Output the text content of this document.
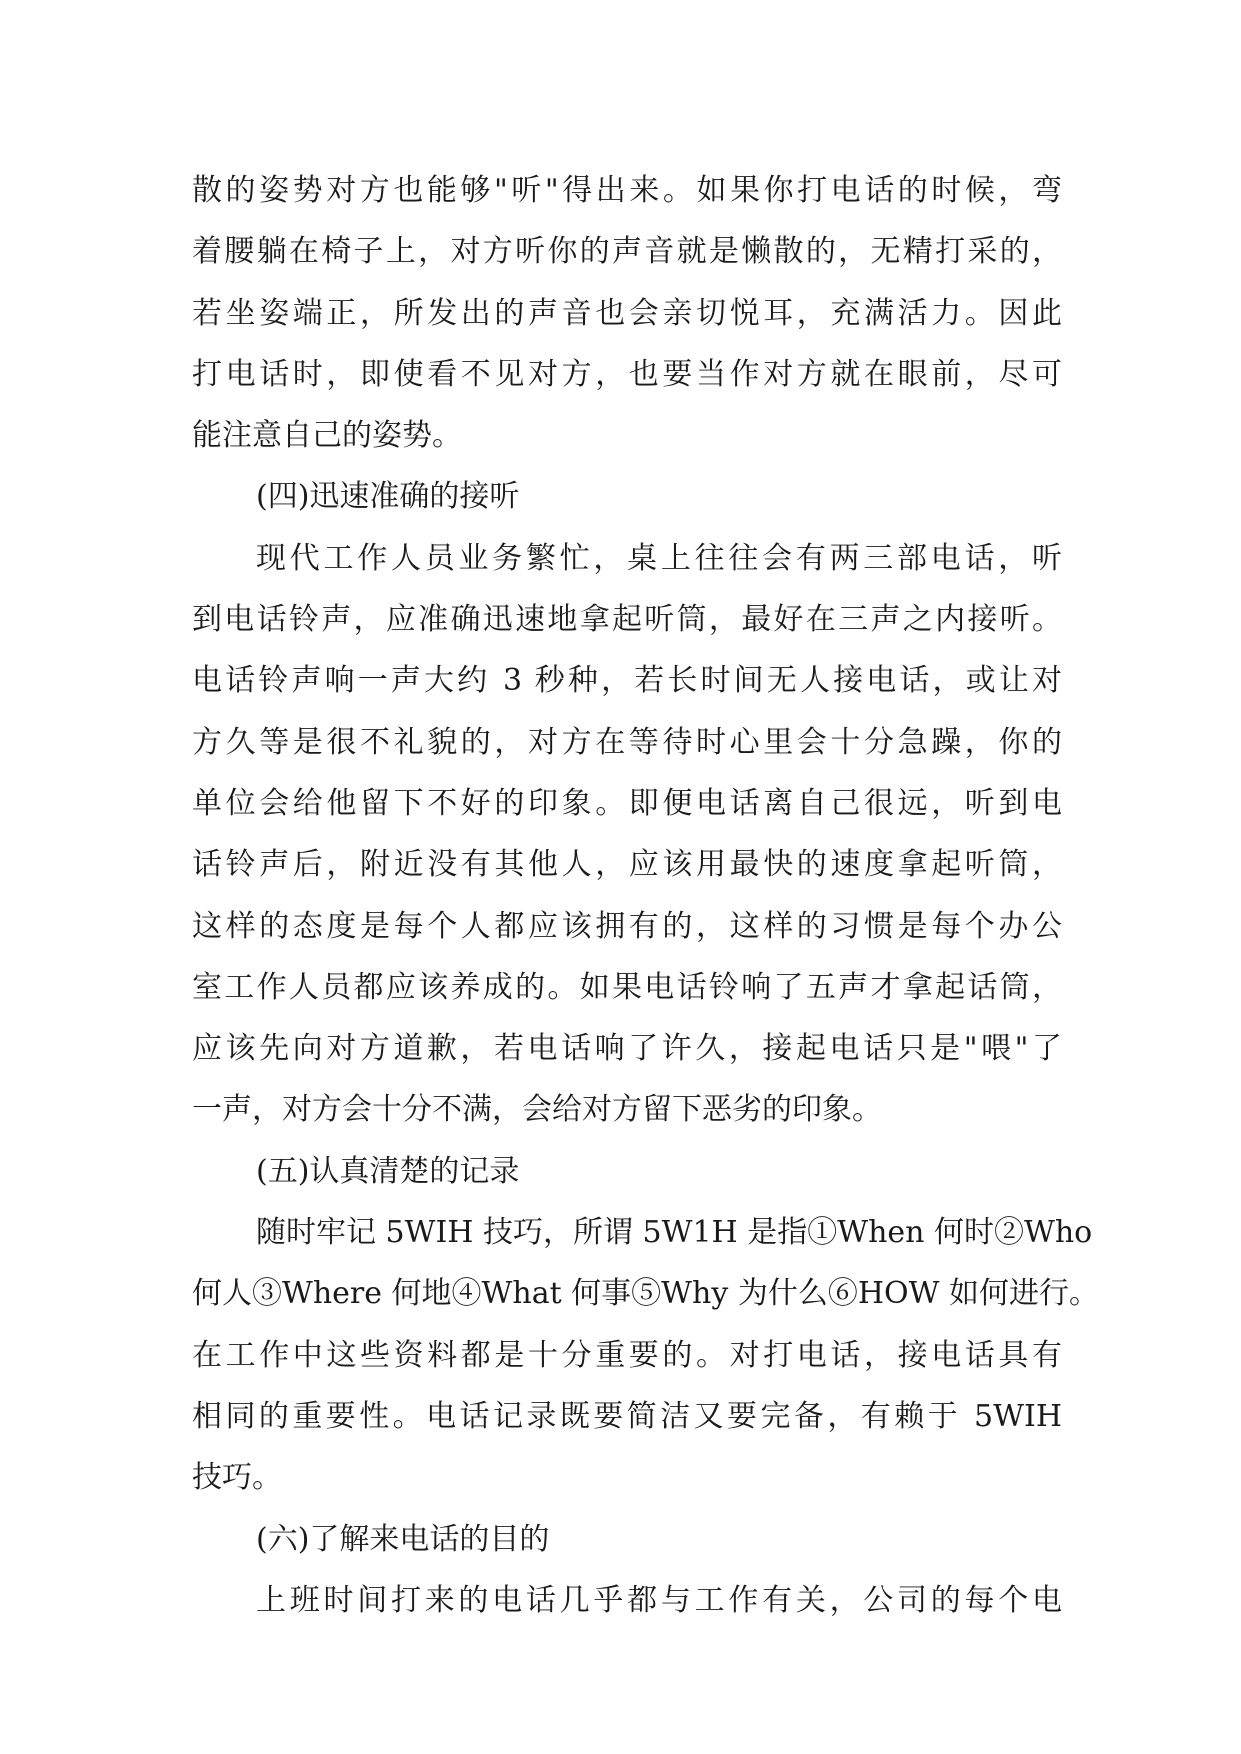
散的姿势对方也能够"听"得出来。如果你打电话的时候，弯
着腰躺在椅子上，对方听你的声音就是懒散的，无精打采的，
若坐姿端正，所发出的声音也会亲切悦耳，充满活力。因此
打电话时，即使看不见对方，也要当作对方就在眼前，尽可
能注意自己的姿势。
(四)迅速准确的接听
现代工作人员业务繁忙，桌上往往会有两三部电话，听
到电话铃声，应准确迅速地拿起听筒，最好在三声之内接听。
电话铃声响一声大约 3 秒种，若长时间无人接电话，或让对
方久等是很不礼貌的，对方在等待时心里会十分急躁，你的
单位会给他留下不好的印象。即便电话离自己很远，听到电
话铃声后，附近没有其他人，应该用最快的速度拿起听筒，
这样的态度是每个人都应该拥有的，这样的习惯是每个办公
室工作人员都应该养成的。如果电话铃响了五声才拿起话筒，
应该先向对方道歉，若电话响了许久，接起电话只是"喂"了
一声，对方会十分不满，会给对方留下恶劣的印象。
(五)认真清楚的记录
随时牢记 5WIH 技巧，所谓 5W1H 是指①When 何时②Who
何人③Where 何地④What 何事⑤Why 为什么⑥HOW 如何进行。
在工作中这些资料都是十分重要的。对打电话，接电话具有
相同的重要性。电话记录既要简洁又要完备，有赖于 5WIH
技巧。
(六)了解来电话的目的
上班时间打来的电话几乎都与工作有关，公司的每个电
